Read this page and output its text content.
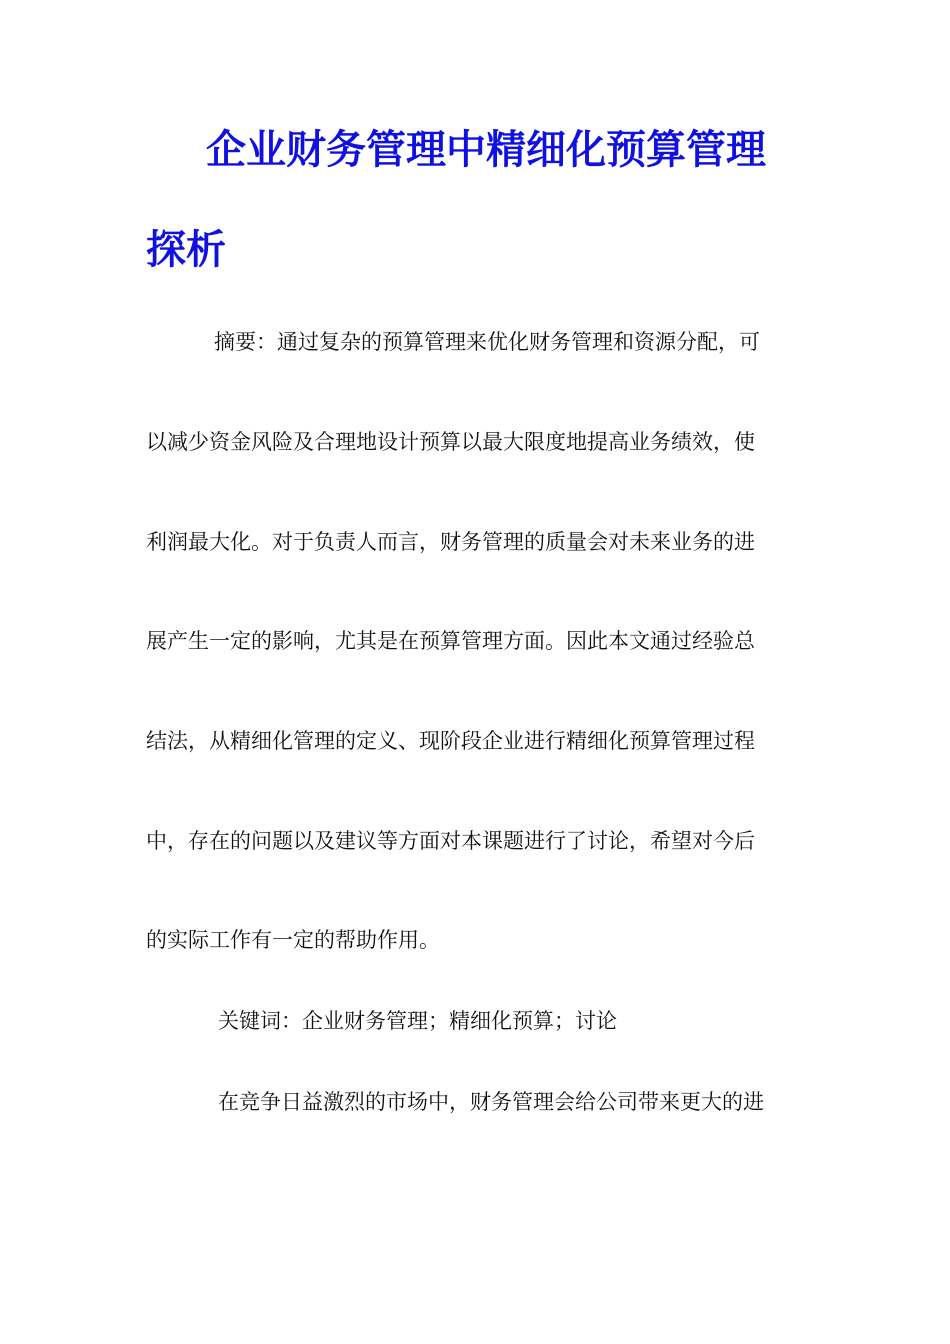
企业财务管理中精细化预算管理
探析
摘要：通过复杂的预算管理来优化财务管理和资源分配，可
以减少资金风险及合理地设计预算以最大限度地提高业务绩效，使
利润最大化。对于负责人而言，财务管理的质量会对未来业务的进
展产生一定的影响，尤其是在预算管理方面。因此本文通过经验总
结法，从精细化管理的定义、现阶段企业进行精细化预算管理过程
中，存在的问题以及建议等方面对本课题进行了讨论，希望对今后
的实际工作有一定的帮助作用。
关键词：企业财务管理；精细化预算；讨论
在竞争日益激烈的市场中，财务管理会给公司带来更大的进
